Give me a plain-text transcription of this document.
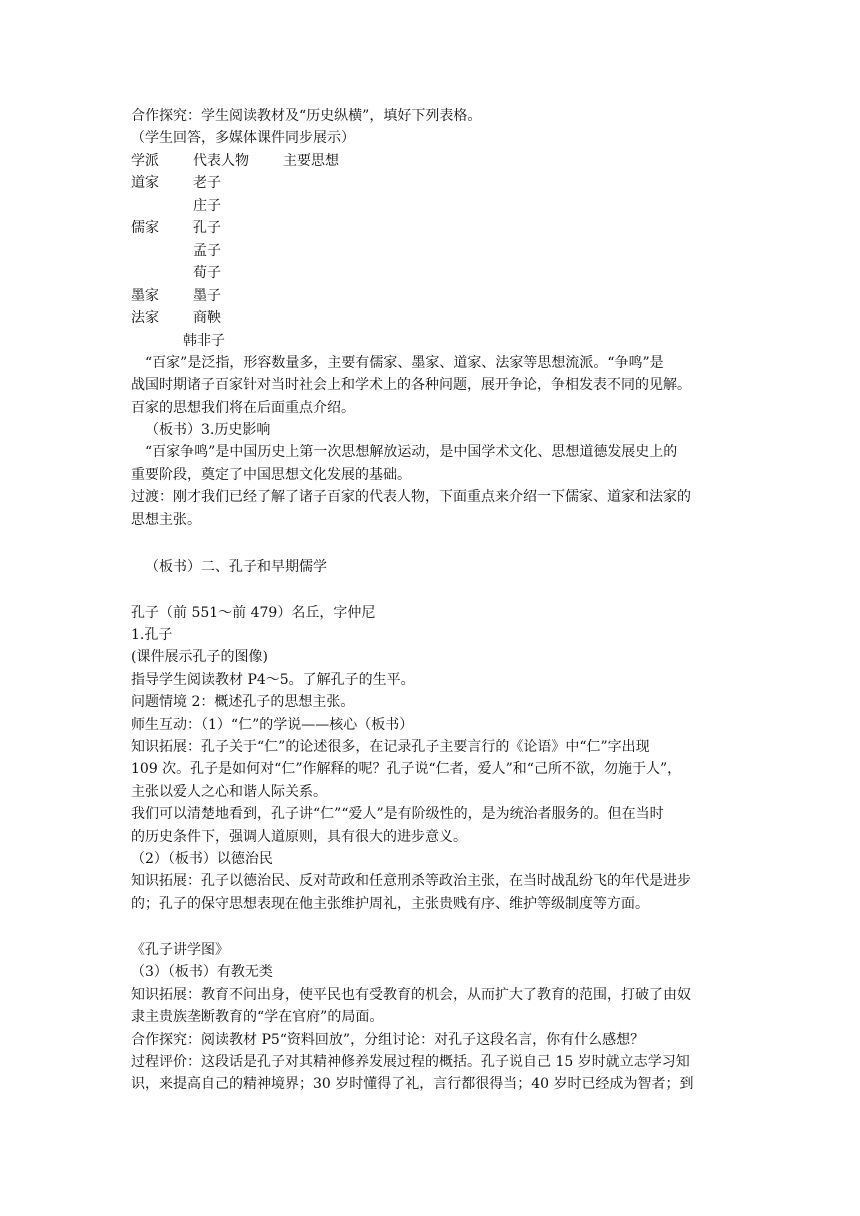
合作探究：学生阅读教材及“历史纵横”，填好下列表格。
（学生回答，多媒体课件同步展示）
学派 代表人物 主要思想
道家 老子
庄子
儒家 孔子
孟子
荀子
墨家 墨子
法家 商鞅
韩非子
“百家”是泛指，形容数量多，主要有儒家、墨家、道家、法家等思想流派。“争鸣”是
战国时期诸子百家针对当时社会上和学术上的各种问题，展开争论，争相发表不同的见解。
百家的思想我们将在后面重点介绍。
（板书）3.历史影响
“百家争鸣”是中国历史上第一次思想解放运动，是中国学术文化、思想道德发展史上的
重要阶段，奠定了中国思想文化发展的基础。
过渡：刚才我们已经了解了诸子百家的代表人物，下面重点来介绍一下儒家、道家和法家的
思想主张。
（板书）二、孔子和早期儒学
孔子（前 551～前 479）名丘，字仲尼
1.孔子
(课件展示孔子的图像)
指导学生阅读教材 P4～5。了解孔子的生平。
问题情境 2：概述孔子的思想主张。
师生互动：（1）“仁”的学说——核心（板书）
知识拓展：孔子关于“仁”的论述很多，在记录孔子主要言行的《论语》中“仁”字出现
109 次。孔子是如何对“仁”作解释的呢？孔子说“仁者，爱人”和“己所不欲，勿施于人”，
主张以爱人之心和谐人际关系。
我们可以清楚地看到，孔子讲“仁”“爱人”是有阶级性的，是为统治者服务的。但在当时
的历史条件下，强调人道原则，具有很大的进步意义。
（2）（板书）以德治民
知识拓展：孔子以德治民、反对苛政和任意刑杀等政治主张，在当时战乱纷飞的年代是进步
的；孔子的保守思想表现在他主张维护周礼，主张贵贱有序、维护等级制度等方面。
《孔子讲学图》
（3）（板书）有教无类
知识拓展：教育不问出身，使平民也有受教育的机会，从而扩大了教育的范围，打破了由奴
隶主贵族垄断教育的“学在官府”的局面。
合作探究：阅读教材 P5“资料回放”，分组讨论：对孔子这段名言，你有什么感想？
过程评价：这段话是孔子对其精神修养发展过程的概括。孔子说自己 15 岁时就立志学习知
识，来提高自己的精神境界；30 岁时懂得了礼，言行都很得当；40 岁时已经成为智者；到
